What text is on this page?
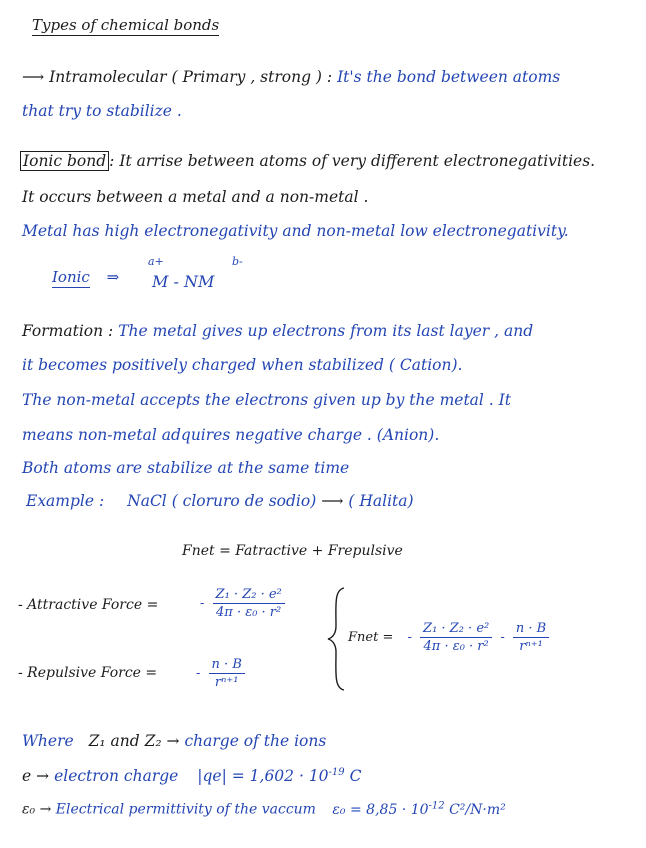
Types of chemical bonds
⟶ Intramolecular ( Primary , strong ) : It's the bond between atoms
that try to stabilize .
Ionic bond : It arrise between atoms of very different electronegativities.
It occurs between a metal and a non-metal .
Metal has high electronegativity and non-metal low electronegativity.
Ionic ⇒
a+	b-
M - NM
Formation : The metal gives up electrons from its last layer , and
it becomes positively charged when stabilized ( Cation).
The non-metal accepts the electrons given up by the metal . It
means non-metal adquires negative charge . (Anion).
Both atoms are stabilize at the same time
Example : NaCl ( cloruro de sodio) ⟶ ( Halita)
Fnet = Fatractive + Frepulsive
- Attractive Force =	- $\frac{\text{Z₁ · Z₂ · e²}}{\text{4π · ε₀ · r²}}$
- Repulsive Force =	- $\frac{n \cdot B}{\text{rⁿ⁺¹}}$
Fnet = - $\frac{\text{Z₁ · Z₂ · e²}}{\text{4π · ε₀ · r²}} - \frac{n \cdot B}{\text{rⁿ⁺¹}}$
Where Z₁ and Z₂ → charge of the ions
e → electron charge $|qe| = 1,602 \cdot 10^{-19}$ C
ε₀ → Electrical permittivity of the vaccum $\varepsilon_0 = 8,85 \cdot 10^{-12}$ C²/N·m²
